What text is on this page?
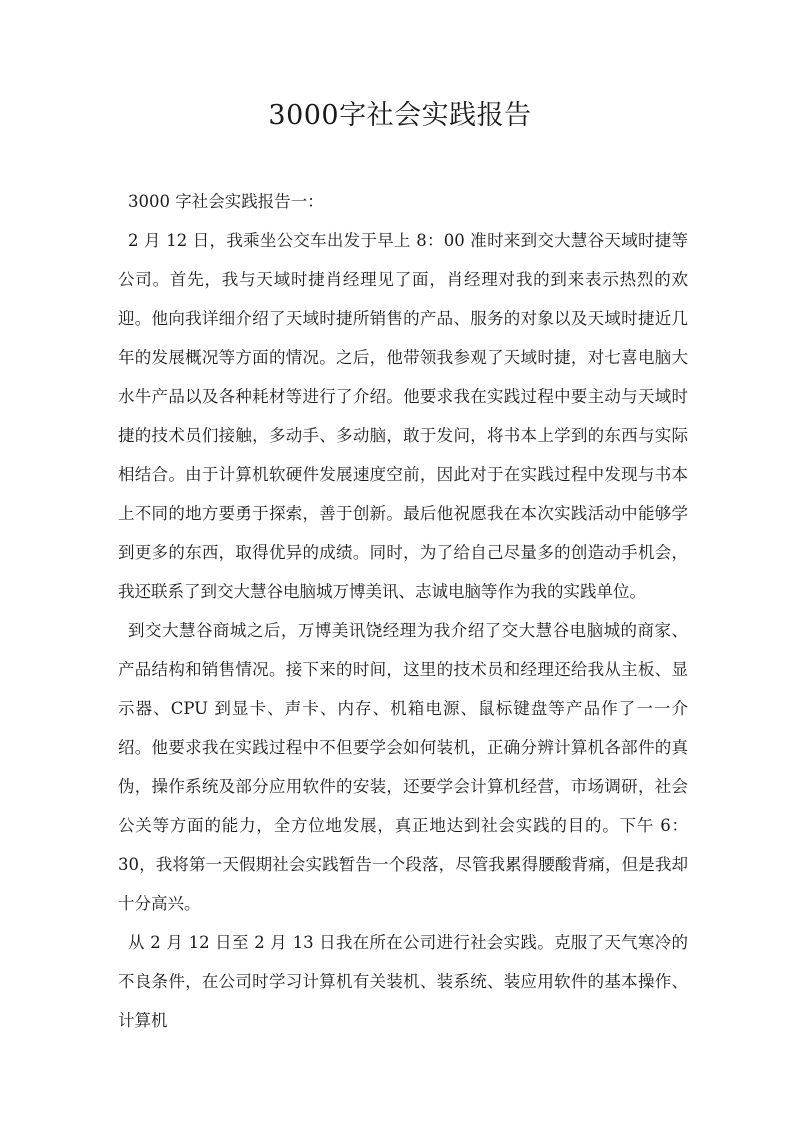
3000字社会实践报告

3000 字社会实践报告一：

2 月 12 日，我乘坐公交车出发于早上 8：00 准时来到交大慧谷天域时捷等公司。首先，我与天域时捷肖经理见了面，肖经理对我的到来表示热烈的欢迎。他向我详细介绍了天域时捷所销售的产品、服务的对象以及天域时捷近几年的发展概况等方面的情况。之后，他带领我参观了天域时捷，对七喜电脑大水牛产品以及各种耗材等进行了介绍。他要求我在实践过程中要主动与天域时捷的技术员们接触，多动手、多动脑，敢于发问，将书本上学到的东西与实际相结合。由于计算机软硬件发展速度空前，因此对于在实践过程中发现与书本上不同的地方要勇于探索，善于创新。最后他祝愿我在本次实践活动中能够学到更多的东西，取得优异的成绩。同时，为了给自己尽量多的创造动手机会，我还联系了到交大慧谷电脑城万博美讯、志诚电脑等作为我的实践单位。

到交大慧谷商城之后，万博美讯饶经理为我介绍了交大慧谷电脑城的商家、产品结构和销售情况。接下来的时间，这里的技术员和经理还给我从主板、显示器、CPU 到显卡、声卡、内存、机箱电源、鼠标键盘等产品作了一一介绍。他要求我在实践过程中不但要学会如何装机，正确分辨计算机各部件的真伪，操作系统及部分应用软件的安装，还要学会计算机经营，市场调研，社会公关等方面的能力，全方位地发展，真正地达到社会实践的目的。下午 6：30，我将第一天假期社会实践暂告一个段落，尽管我累得腰酸背痛，但是我却十分高兴。

从 2 月 12 日至 2 月 13 日我在所在公司进行社会实践。克服了天气寒冷的不良条件，在公司时学习计算机有关装机、装系统、装应用软件的基本操作、计算机
